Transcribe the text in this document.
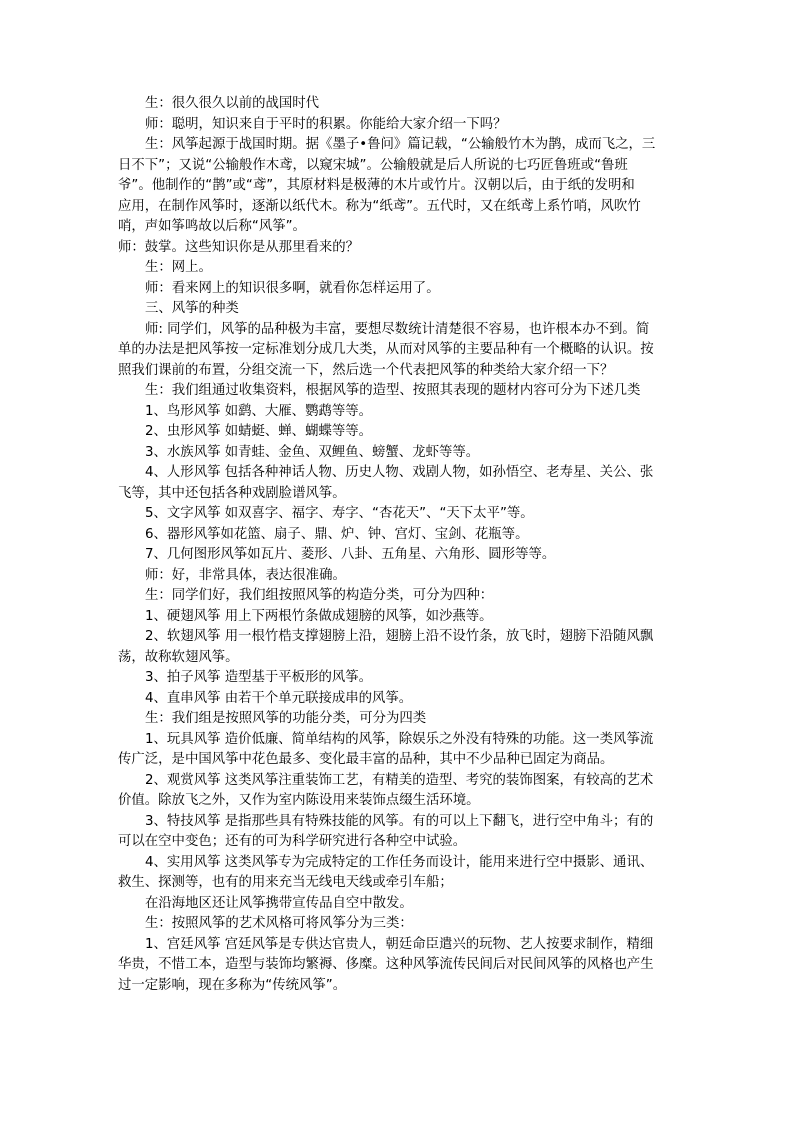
生：很久很久以前的战国时代

师：聪明，知识来自于平时的积累。你能给大家介绍一下吗？

生：风筝起源于战国时期。据《墨子•鲁问》篇记载，“公输般竹木为鹊，成而飞之，三

日不下”；又说“公输般作木鸢，以窥宋城”。公输般就是后人所说的七巧匠鲁班或“鲁班

爷”。他制作的“鹊”或“鸢”，其原材料是极薄的木片或竹片。汉朝以后，由于纸的发明和

应用，在制作风筝时，逐渐以纸代木。称为“纸鸢”。五代时，又在纸鸢上系竹哨，风吹竹

哨，声如筝鸣故以后称“风筝”。

师：鼓掌。这些知识你是从那里看来的？

生：网上。

师：看来网上的知识很多啊，就看你怎样运用了。

三、风筝的种类

师: 同学们，风筝的品种极为丰富，要想尽数统计清楚很不容易，也许根本办不到。简

单的办法是把风筝按一定标准划分成几大类，从而对风筝的主要品种有一个概略的认识。按

照我们课前的布置，分组交流一下，然后选一个代表把风筝的种类给大家介绍一下？

生：我们组通过收集资料，根据风筝的造型、按照其表现的题材内容可分为下述几类

1、鸟形风筝 如鹞、大雁、鹦鹉等等。

2、虫形风筝 如蜻蜓、蝉、蝴蝶等等。

3、水族风筝 如青蛙、金鱼、双鲤鱼、螃蟹、龙虾等等。

4、人形风筝 包括各种神话人物、历史人物、戏剧人物，如孙悟空、老寿星、关公、张

飞等，其中还包括各种戏剧脸谱风筝。

5、文字风筝 如双喜字、福字、寿字、“杏花天”、“天下太平”等。

6、器形风筝如花篮、扇子、鼎、炉、钟、宫灯、宝剑、花瓶等。

7、几何图形风筝如瓦片、菱形、八卦、五角星、六角形、圆形等等。

师：好，非常具体，表达很准确。

生：同学们好，我们组按照风筝的构造分类，可分为四种：

1、硬翅风筝 用上下两根竹条做成翅膀的风筝，如沙燕等。

2、软翅风筝 用一根竹梏支撑翅膀上沿，翅膀上沿不设竹条，放飞时，翅膀下沿随风飘

荡，故称软翅风筝。

3、拍子风筝 造型基于平板形的风筝。

4、直串风筝 由若干个单元联接成串的风筝。

生：我们组是按照风筝的功能分类，可分为四类

1、玩具风筝 造价低廉、简单结构的风筝，除娱乐之外没有特殊的功能。这一类风筝流

传广泛，是中国风筝中花色最多、变化最丰富的品种，其中不少品种已固定为商品。

2、观赏风筝 这类风筝注重装饰工艺，有精美的造型、考究的装饰图案，有较高的艺术

价值。除放飞之外，又作为室内陈设用来装饰点缀生活环境。

3、特技风筝 是指那些具有特殊技能的风筝。有的可以上下翻飞，进行空中角斗；有的

可以在空中变色；还有的可为科学研究进行各种空中试验。

4、实用风筝 这类风筝专为完成特定的工作任务而设计，能用来进行空中摄影、通讯、

救生、探测等，也有的用来充当无线电天线或牵引车船；

在沿海地区还让风筝携带宣传品自空中散发。

生：按照风筝的艺术风格可将风筝分为三类：

1、宫廷风筝 宫廷风筝是专供达官贵人，朝廷命臣遣兴的玩物、艺人按要求制作，精细

华贵，不惜工本，造型与装饰均繁褥、侈糜。这种风筝流传民间后对民间风筝的风格也产生

过一定影响，现在多称为“传统风筝”。
